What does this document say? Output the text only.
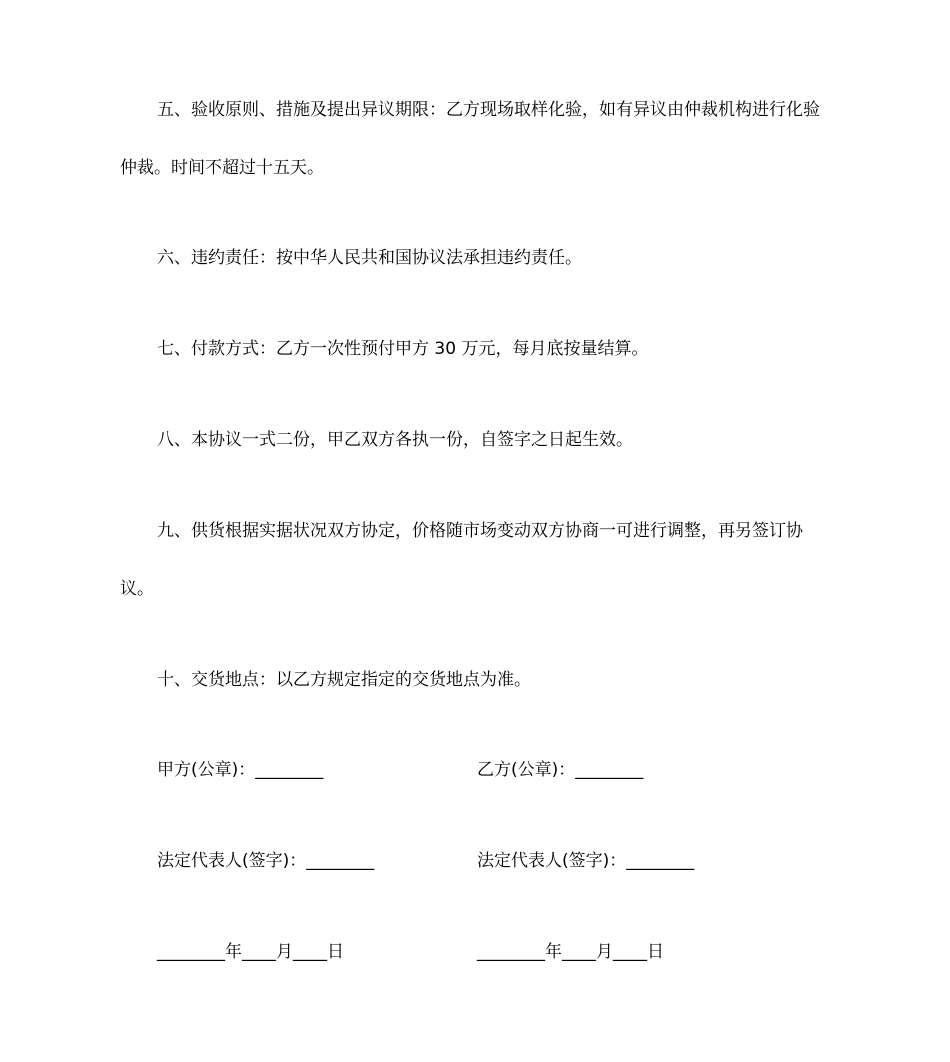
五、验收原则、措施及提出异议期限：乙方现场取样化验，如有异议由仲裁机构进行化验仲裁。时间不超过十五天。

六、违约责任：按中华人民共和国协议法承担违约责任。

七、付款方式：乙方一次性预付甲方 30 万元，每月底按量结算。

八、本协议一式二份，甲乙双方各执一份，自签字之日起生效。

九、供货根据实据状况双方协定，价格随市场变动双方协商一可进行调整，再另签订协议。

十、交货地点：以乙方规定指定的交货地点为准。

甲方(公章)：________	乙方(公章)：________
法定代表人(签字)：________	法定代表人(签字)：________
________年____月____日	________年____月____日
